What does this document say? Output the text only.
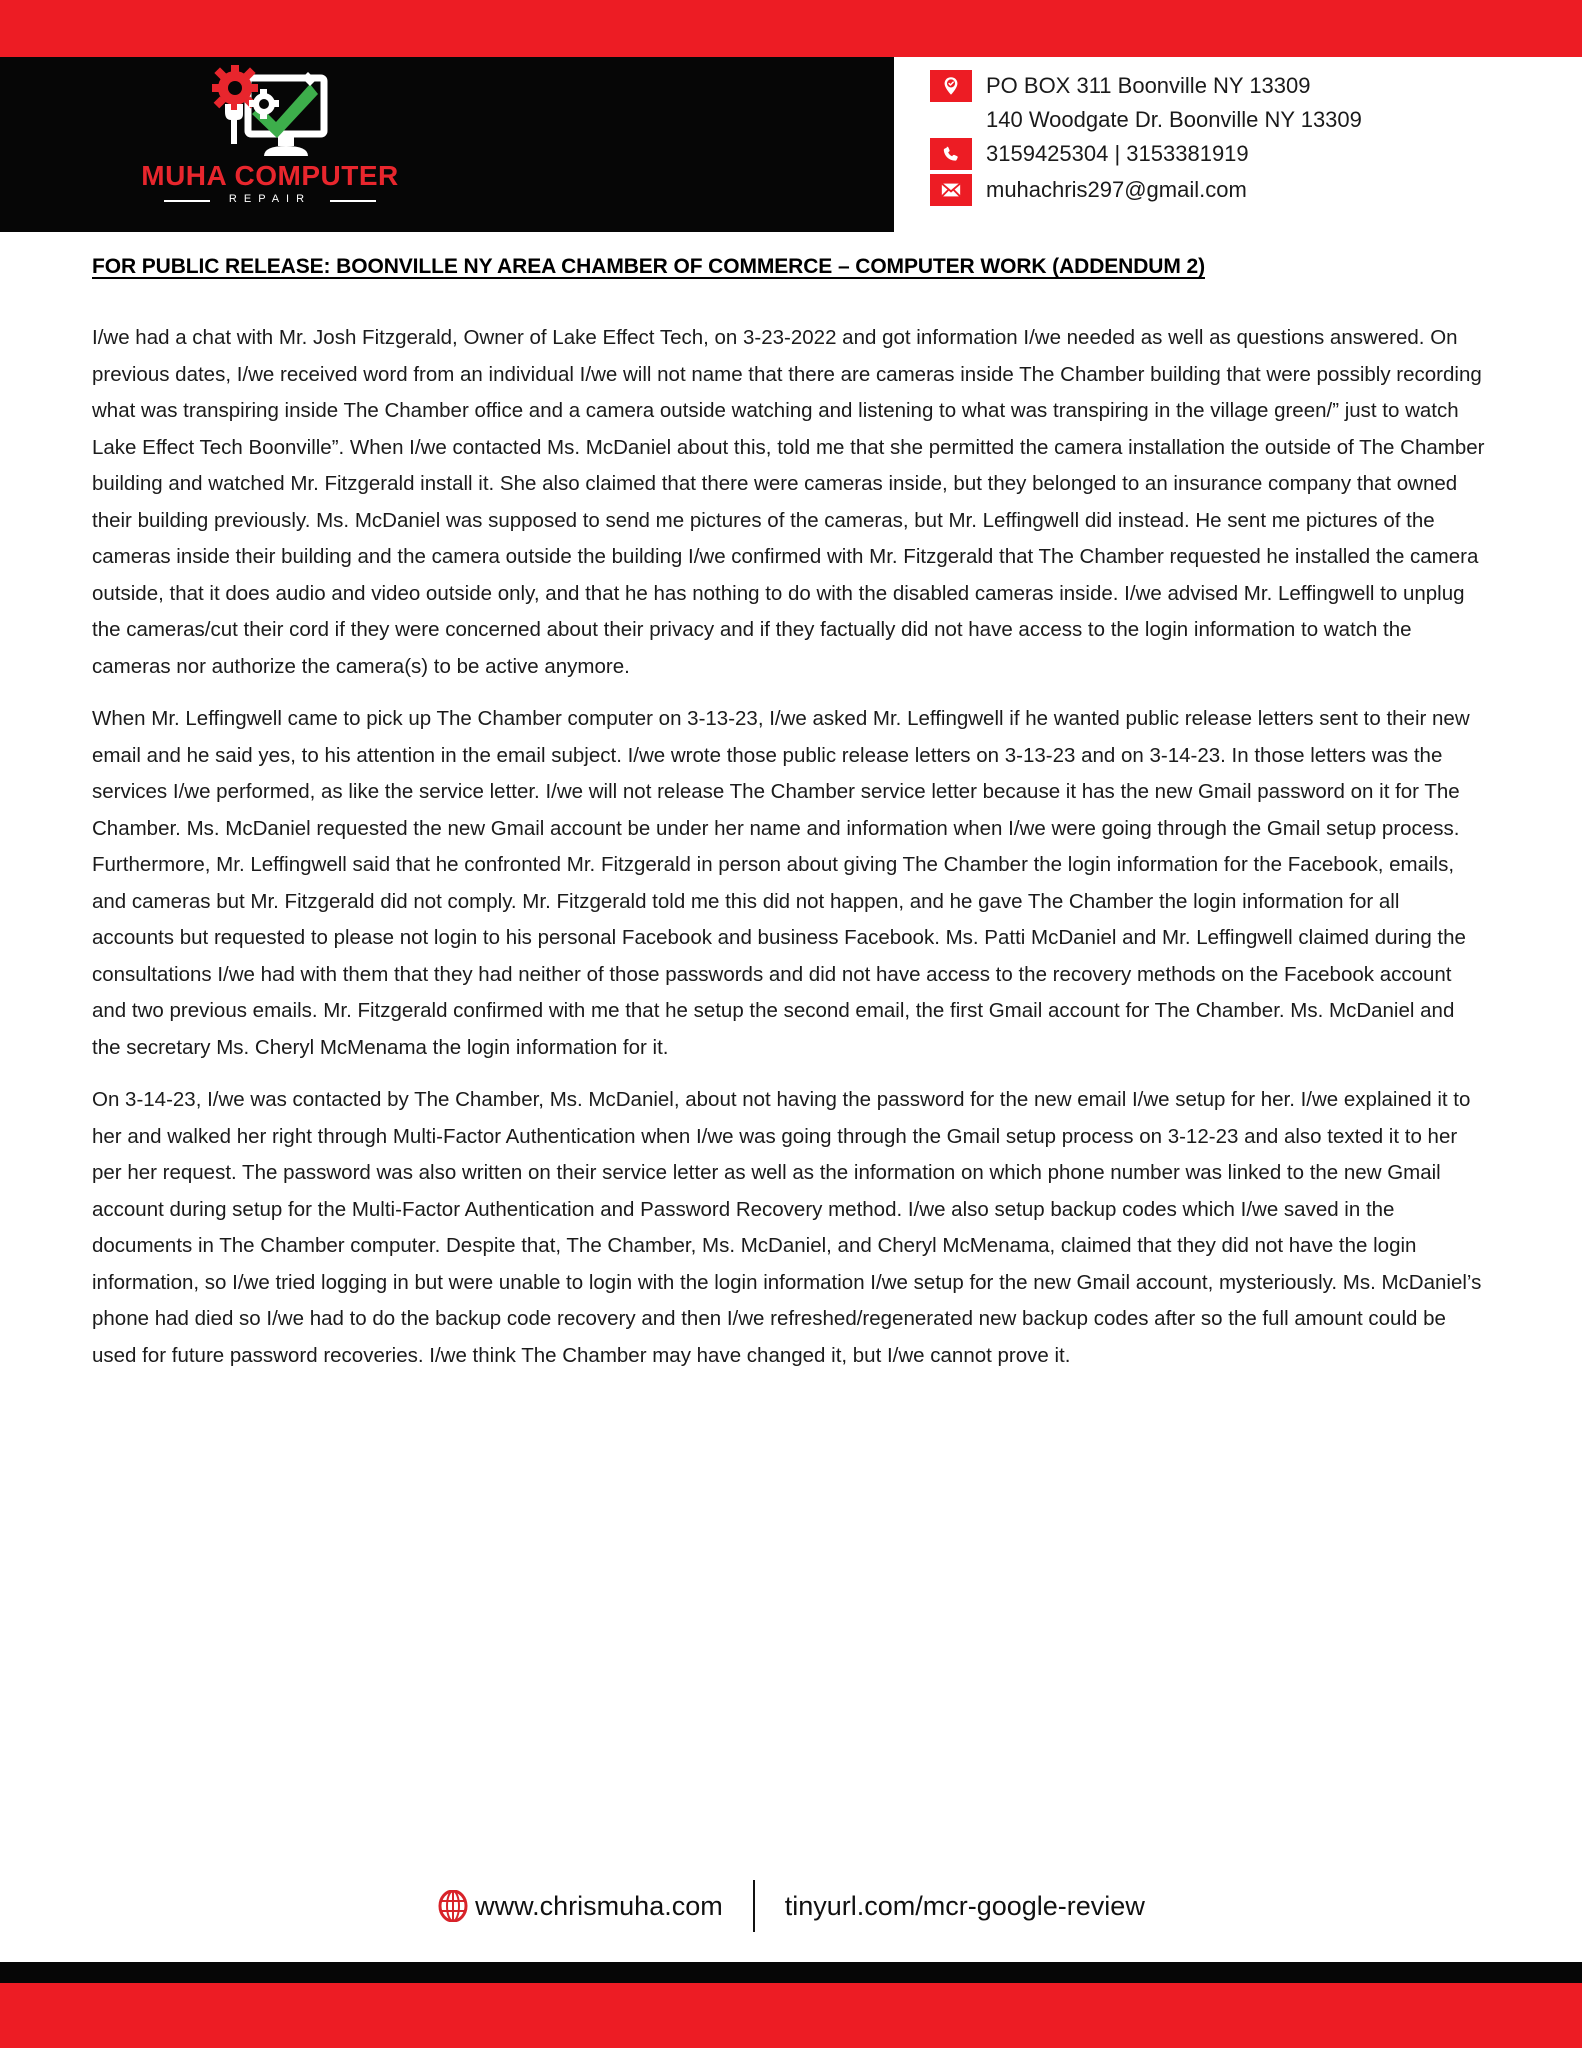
MUHA COMPUTER
REPAIR
PO BOX 311 Boonville NY 13309
140 Woodgate Dr. Boonville NY 13309
3159425304 | 3153381919
muhachris297@gmail.com
FOR PUBLIC RELEASE: BOONVILLE NY AREA CHAMBER OF COMMERCE – COMPUTER WORK (ADDENDUM 2)

I/we had a chat with Mr. Josh Fitzgerald, Owner of Lake Effect Tech, on 3-23-2022 and got information I/we needed as well as questions answered. On previous dates, I/we received word from an individual I/we will not name that there are cameras inside The Chamber building that were possibly recording what was transpiring inside The Chamber office and a camera outside watching and listening to what was transpiring in the village green/” just to watch Lake Effect Tech Boonville”. When I/we contacted Ms. McDaniel about this, told me that she permitted the camera installation the outside of The Chamber building and watched Mr. Fitzgerald install it. She also claimed that there were cameras inside, but they belonged to an insurance company that owned their building previously. Ms. McDaniel was supposed to send me pictures of the cameras, but Mr. Leffingwell did instead. He sent me pictures of the cameras inside their building and the camera outside the building I/we confirmed with Mr. Fitzgerald that The Chamber requested he installed the camera outside, that it does audio and video outside only, and that he has nothing to do with the disabled cameras inside. I/we advised Mr. Leffingwell to unplug the cameras/cut their cord if they were concerned about their privacy and if they factually did not have access to the login information to watch the cameras nor authorize the camera(s) to be active anymore.

When Mr. Leffingwell came to pick up The Chamber computer on 3-13-23, I/we asked Mr. Leffingwell if he wanted public release letters sent to their new email and he said yes, to his attention in the email subject. I/we wrote those public release letters on 3-13-23 and on 3-14-23. In those letters was the services I/we performed, as like the service letter. I/we will not release The Chamber service letter because it has the new Gmail password on it for The Chamber. Ms. McDaniel requested the new Gmail account be under her name and information when I/we were going through the Gmail setup process. Furthermore, Mr. Leffingwell said that he confronted Mr. Fitzgerald in person about giving The Chamber the login information for the Facebook, emails, and cameras but Mr. Fitzgerald did not comply. Mr. Fitzgerald told me this did not happen, and he gave The Chamber the login information for all accounts but requested to please not login to his personal Facebook and business Facebook. Ms. Patti McDaniel and Mr. Leffingwell claimed during the consultations I/we had with them that they had neither of those passwords and did not have access to the recovery methods on the Facebook account and two previous emails. Mr. Fitzgerald confirmed with me that he setup the second email, the first Gmail account for The Chamber. Ms. McDaniel and the secretary Ms. Cheryl McMenama the login information for it.

On 3-14-23, I/we was contacted by The Chamber, Ms. McDaniel, about not having the password for the new email I/we setup for her. I/we explained it to her and walked her right through Multi-Factor Authentication when I/we was going through the Gmail setup process on 3-12-23 and also texted it to her per her request. The password was also written on their service letter as well as the information on which phone number was linked to the new Gmail account during setup for the Multi-Factor Authentication and Password Recovery method. I/we also setup backup codes which I/we saved in the documents in The Chamber computer. Despite that, The Chamber, Ms. McDaniel, and Cheryl McMenama, claimed that they did not have the login information, so I/we tried logging in but were unable to login with the login information I/we setup for the new Gmail account, mysteriously. Ms. McDaniel’s phone had died so I/we had to do the backup code recovery and then I/we refreshed/regenerated new backup codes after so the full amount could be used for future password recoveries. I/we think The Chamber may have changed it, but I/we cannot prove it.

www.chrismuha.com tinyurl.com/mcr-google-review
